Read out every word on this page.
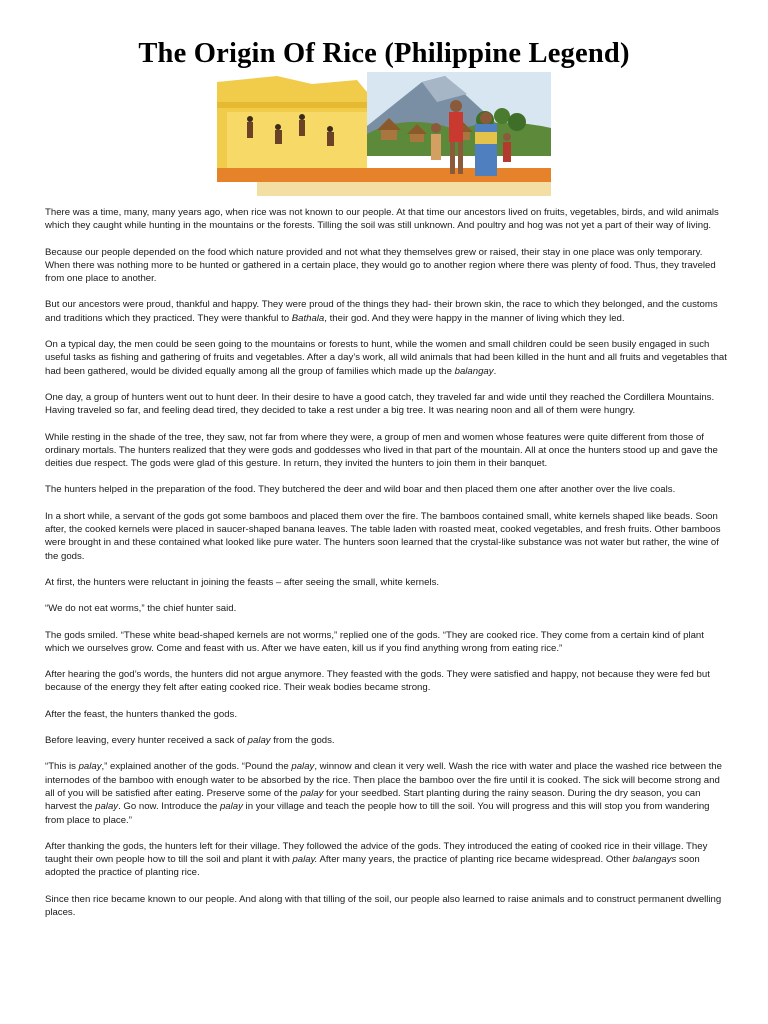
The Origin Of Rice (Philippine Legend)

There was a time, many, many years ago, when rice was not known to our people. At that time our ancestors lived on fruits, vegetables, birds, and wild animals which they caught while hunting in the mountains or the forests. Tilling the soil was still unknown. And poultry and hog was not yet a part of their way of living.

Because our people depended on the food which nature provided and not what they themselves grew or raised, their stay in one place was only temporary. When there was nothing more to be hunted or gathered in a certain place, they would go to another region where there was plenty of food. Thus, they traveled from one place to another.

But our ancestors were proud, thankful and happy. They were proud of the things they had- their brown skin, the race to which they belonged, and the customs and traditions which they practiced. They were thankful to Bathala, their god. And they were happy in the manner of living which they led.

On a typical day, the men could be seen going to the mountains or forests to hunt, while the women and small children could be seen busily engaged in such useful tasks as fishing and gathering of fruits and vegetables. After a day’s work, all wild animals that had been killed in the hunt and all fruits and vegetables that had been gathered, would be divided equally among all the group of families which made up the balangay.

One day, a group of hunters went out to hunt deer. In their desire to have a good catch, they traveled far and wide until they reached the Cordillera Mountains. Having traveled so far, and feeling dead tired, they decided to take a rest under a big tree. It was nearing noon and all of them were hungry.

While resting in the shade of the tree, they saw, not far from where they were, a group of men and women whose features were quite different from those of ordinary mortals. The hunters realized that they were gods and goddesses who lived in that part of the mountain. All at once the hunters stood up and gave the deities due respect. The gods were glad of this gesture. In return, they invited the hunters to join them in their banquet.

The hunters helped in the preparation of the food. They butchered the deer and wild boar and then placed them one after another over the live coals.

In a short while, a servant of the gods got some bamboos and placed them over the fire. The bamboos contained small, white kernels shaped like beads. Soon after, the cooked kernels were placed in saucer-shaped banana leaves. The table laden with roasted meat, cooked vegetables, and fresh fruits. Other bamboos were brought in and these contained what looked like pure water. The hunters soon learned that the crystal-like substance was not water but rather, the wine of the gods.

At first, the hunters were reluctant in joining the feasts – after seeing the small, white kernels.

“We do not eat worms,” the chief hunter said.

The gods smiled. “These white bead-shaped kernels are not worms,” replied one of the gods. “They are cooked rice. They come from a certain kind of plant which we ourselves grow. Come and feast with us. After we have eaten, kill us if you find anything wrong from eating rice.”

After hearing the god’s words, the hunters did not argue anymore. They feasted with the gods. They were satisfied and happy, not because they were fed but because of the energy they felt after eating cooked rice. Their weak bodies became strong.

After the feast, the hunters thanked the gods.

Before leaving, every hunter received a sack of palay from the gods.

“This is palay,” explained another of the gods. “Pound the palay, winnow and clean it very well. Wash the rice with water and place the washed rice between the internodes of the bamboo with enough water to be absorbed by the rice. Then place the bamboo over the fire until it is cooked. The sick will become strong and all of you will be satisfied after eating. Preserve some of the palay for your seedbed. Start planting during the rainy season. During the dry season, you can harvest the palay. Go now. Introduce the palay in your village and teach the people how to till the soil. You will progress and this will stop you from wandering from place to place.”

After thanking the gods, the hunters left for their village. They followed the advice of the gods. They introduced the eating of cooked rice in their village. They taught their own people how to till the soil and plant it with palay. After many years, the practice of planting rice became widespread. Other balangays soon adopted the practice of planting rice.

Since then rice became known to our people. And along with that tilling of the soil, our people also learned to raise animals and to construct permanent dwelling places.
